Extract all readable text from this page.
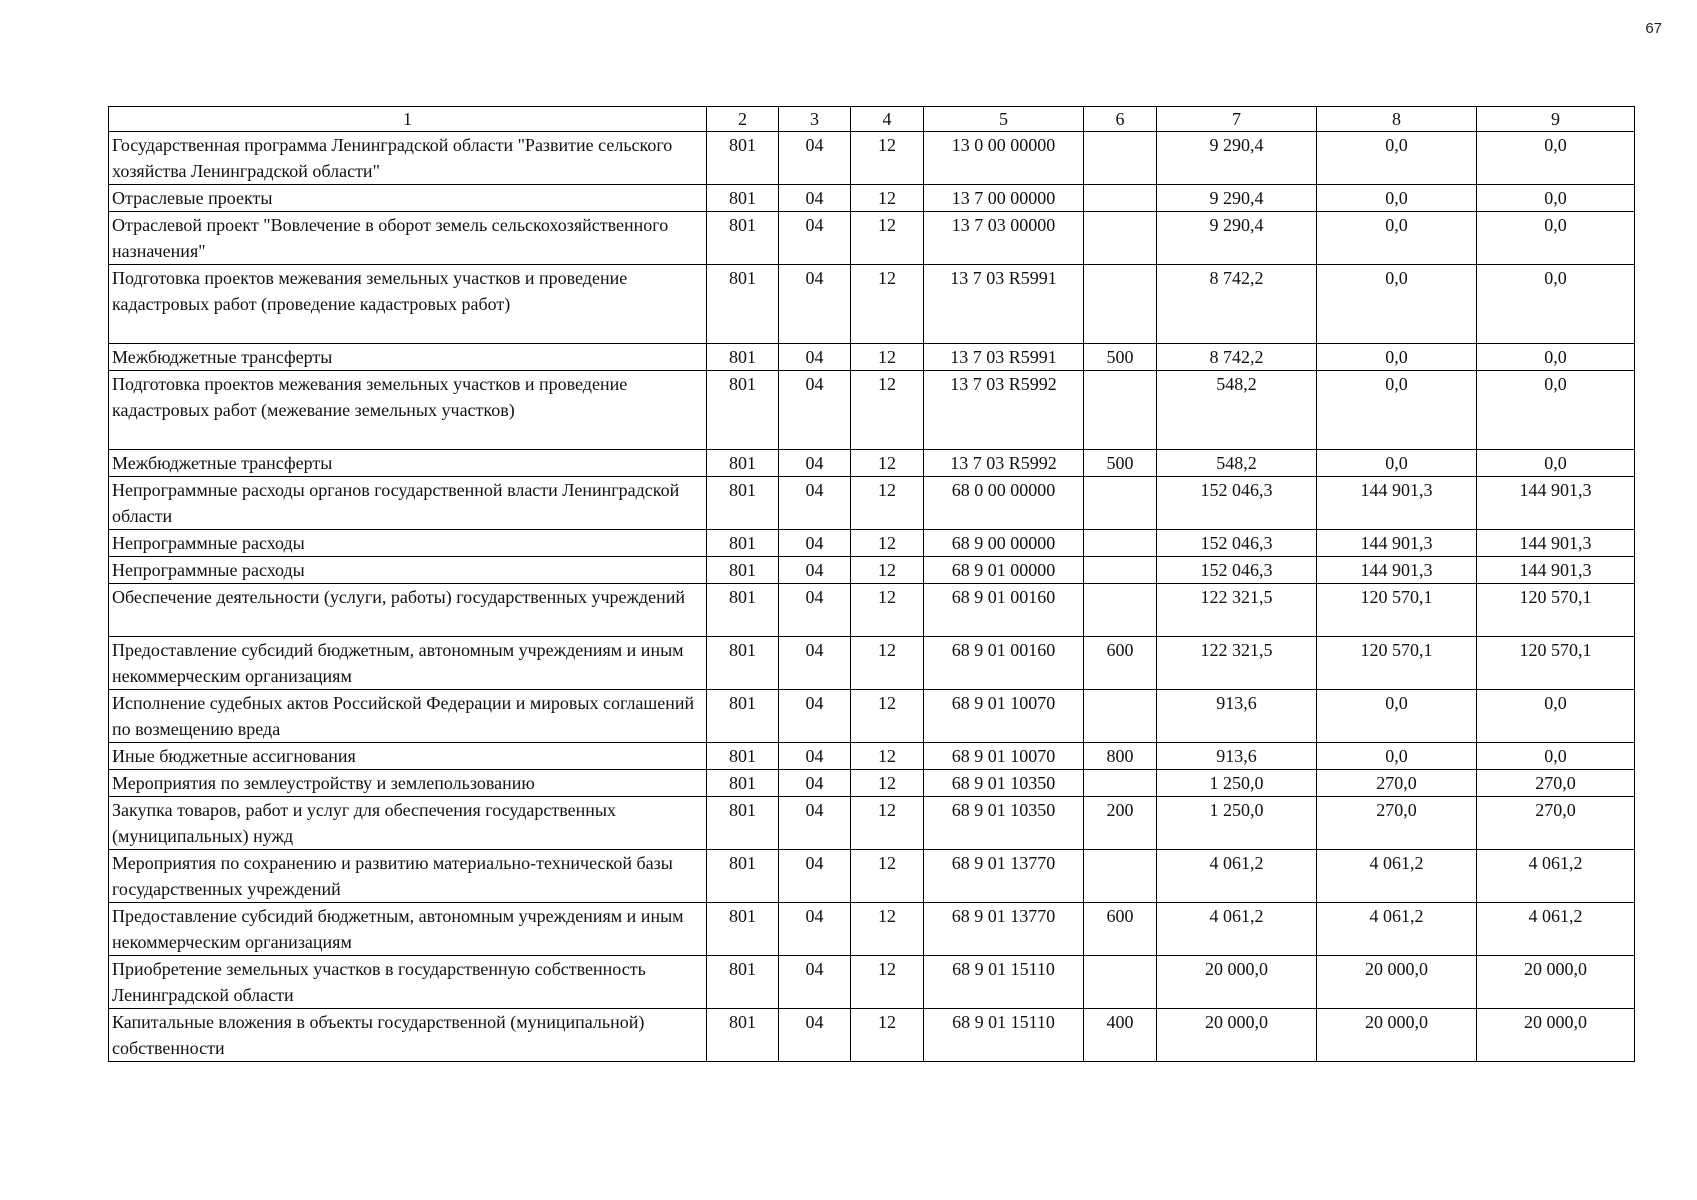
67
1	2	3	4	5	6	7	8	9
Государственная программа Ленинградской области "Развитие сельского хозяйства Ленинградской области"	801	04	12	13 0 00 00000		9 290,4	0,0	0,0
Отраслевые проекты	801	04	12	13 7 00 00000		9 290,4	0,0	0,0
Отраслевой проект "Вовлечение в оборот земель сельскохозяйственного назначения"	801	04	12	13 7 03 00000		9 290,4	0,0	0,0
Подготовка проектов межевания земельных участков и проведение кадастровых работ (проведение кадастровых работ)	801	04	12	13 7 03 R5991		8 742,2	0,0	0,0
Межбюджетные трансферты	801	04	12	13 7 03 R5991	500	8 742,2	0,0	0,0
Подготовка проектов межевания земельных участков и проведение кадастровых работ (межевание земельных участков)	801	04	12	13 7 03 R5992		548,2	0,0	0,0
Межбюджетные трансферты	801	04	12	13 7 03 R5992	500	548,2	0,0	0,0
Непрограммные расходы органов государственной власти Ленинградской области	801	04	12	68 0 00 00000		152 046,3	144 901,3	144 901,3
Непрограммные расходы	801	04	12	68 9 00 00000		152 046,3	144 901,3	144 901,3
Непрограммные расходы	801	04	12	68 9 01 00000		152 046,3	144 901,3	144 901,3
Обеспечение деятельности (услуги, работы) государственных учреждений	801	04	12	68 9 01 00160		122 321,5	120 570,1	120 570,1
Предоставление субсидий бюджетным, автономным учреждениям и иным некоммерческим организациям	801	04	12	68 9 01 00160	600	122 321,5	120 570,1	120 570,1
Исполнение судебных актов Российской Федерации и мировых соглашений по возмещению вреда	801	04	12	68 9 01 10070		913,6	0,0	0,0
Иные бюджетные ассигнования	801	04	12	68 9 01 10070	800	913,6	0,0	0,0
Мероприятия по землеустройству и землепользованию	801	04	12	68 9 01 10350		1 250,0	270,0	270,0
Закупка товаров, работ и услуг для обеспечения государственных (муниципальных) нужд	801	04	12	68 9 01 10350	200	1 250,0	270,0	270,0
Мероприятия по сохранению и развитию материально-технической базы государственных учреждений	801	04	12	68 9 01 13770		4 061,2	4 061,2	4 061,2
Предоставление субсидий бюджетным, автономным учреждениям и иным некоммерческим организациям	801	04	12	68 9 01 13770	600	4 061,2	4 061,2	4 061,2
Приобретение земельных участков в государственную собственность Ленинградской области	801	04	12	68 9 01 15110		20 000,0	20 000,0	20 000,0
Капитальные вложения в объекты государственной (муниципальной) собственности	801	04	12	68 9 01 15110	400	20 000,0	20 000,0	20 000,0
